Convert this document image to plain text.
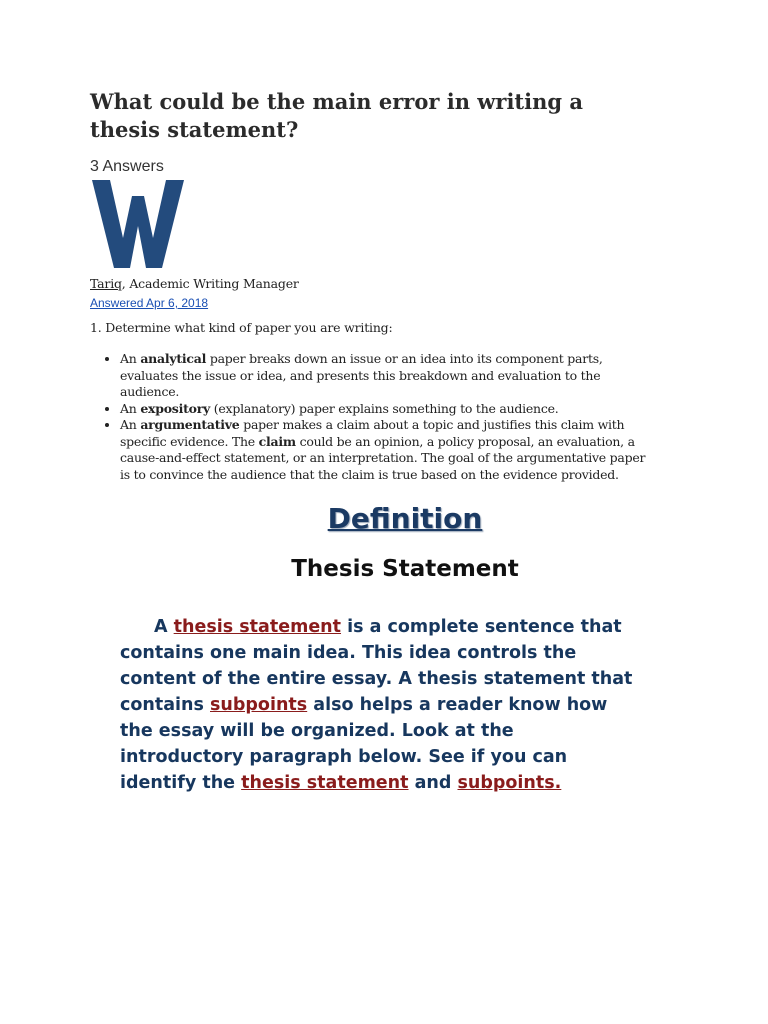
What could be the main error in writing a thesis statement?
3 Answers
Tariq, Academic Writing Manager
Answered Apr 6, 2018
1. Determine what kind of paper you are writing:
• An analytical paper breaks down an issue or an idea into its component parts, evaluates the issue or idea, and presents this breakdown and evaluation to the audience.
• An expository (explanatory) paper explains something to the audience.
• An argumentative paper makes a claim about a topic and justifies this claim with specific evidence. The claim could be an opinion, a policy proposal, an evaluation, a cause-and-effect statement, or an interpretation. The goal of the argumentative paper is to convince the audience that the claim is true based on the evidence provided.
Definition
Thesis Statement
A thesis statement is a complete sentence that contains one main idea. This idea controls the content of the entire essay. A thesis statement that contains subpoints also helps a reader know how the essay will be organized. Look at the introductory paragraph below. See if you can identify the thesis statement and subpoints.
